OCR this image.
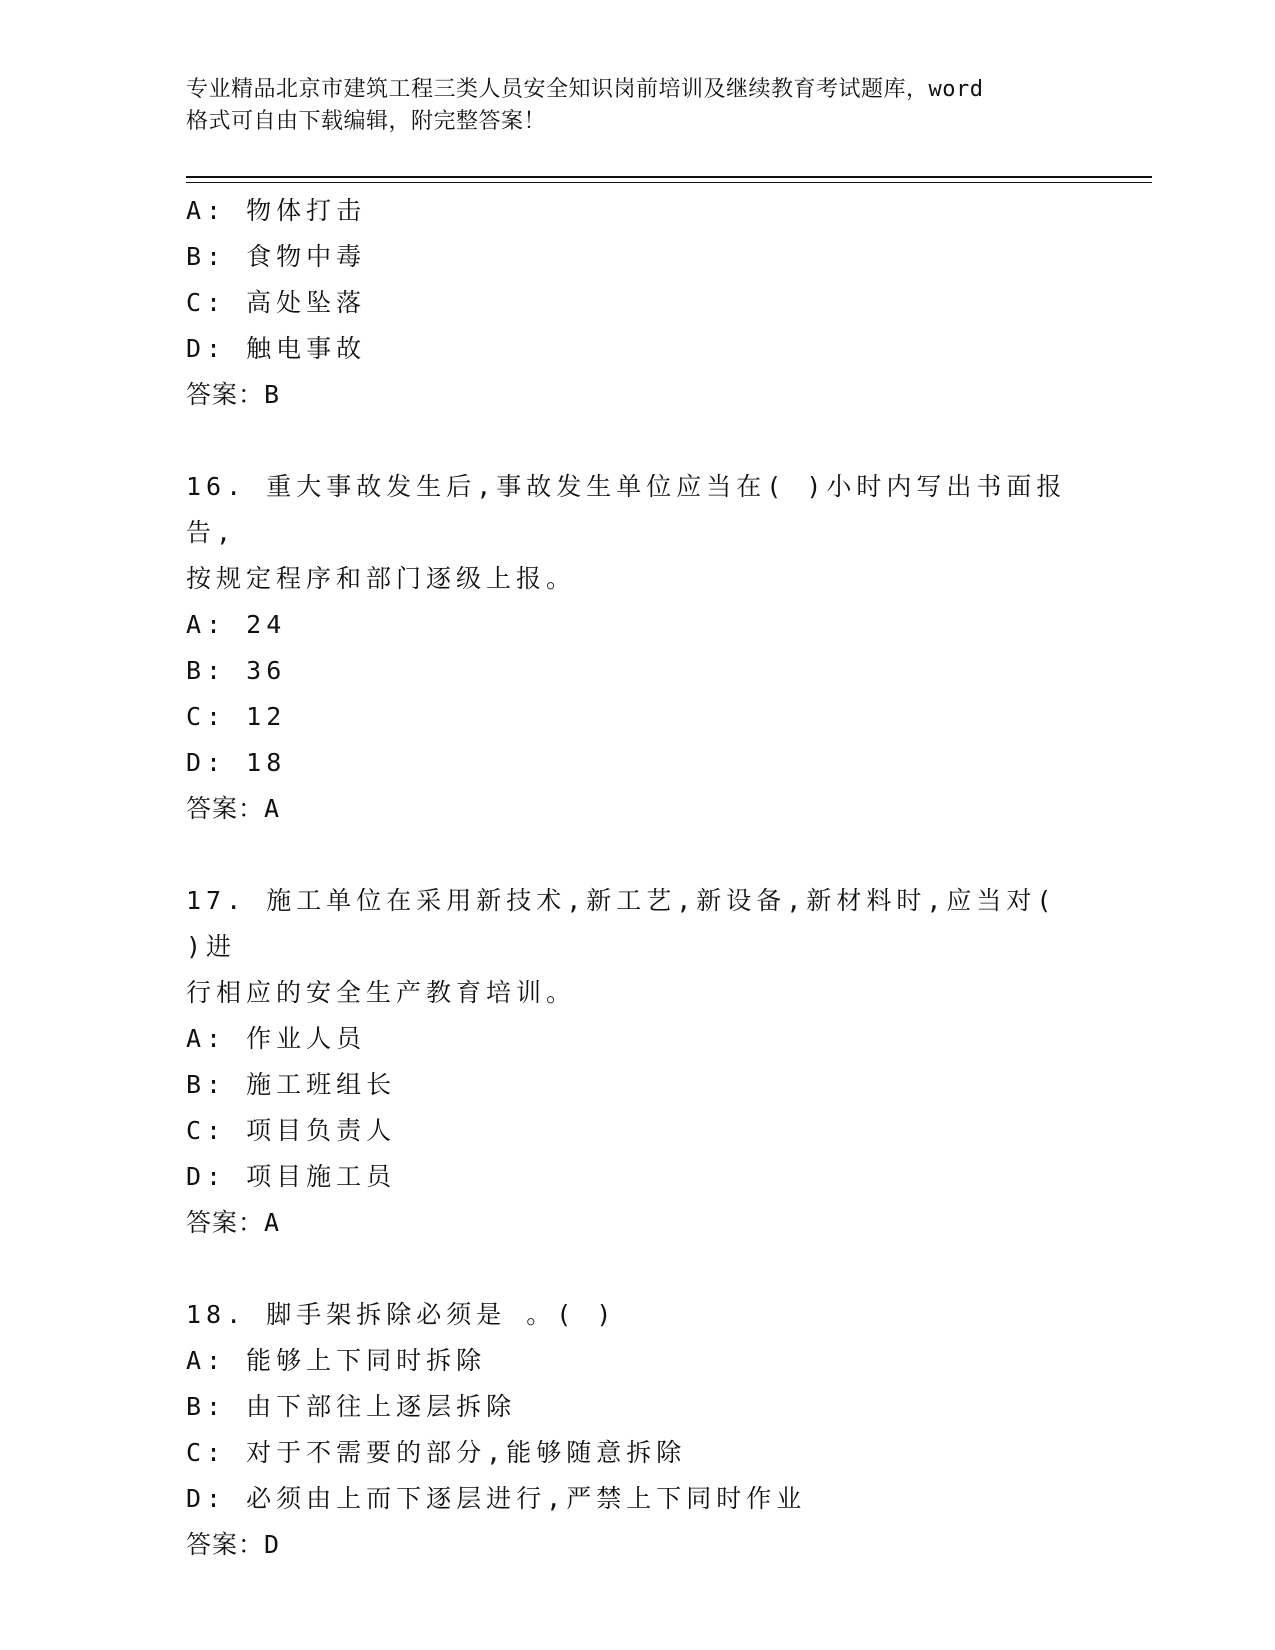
专业精品北京市建筑工程三类人员安全知识岗前培训及继续教育考试题库，word
格式可自由下载编辑，附完整答案！
A: 物体打击
B: 食物中毒
C: 高处坠落
D: 触电事故
答案：B
16. 重大事故发生后,事故发生单位应当在( )小时内写出书面报告,
按规定程序和部门逐级上报。
A: 24
B: 36
C: 12
D: 18
答案：A
17. 施工单位在采用新技术,新工艺,新设备,新材料时,应当对( )进
行相应的安全生产教育培训。
A: 作业人员
B: 施工班组长
C: 项目负责人
D: 项目施工员
答案：A
18. 脚手架拆除必须是 。( )
A: 能够上下同时拆除
B: 由下部往上逐层拆除
C: 对于不需要的部分,能够随意拆除
D: 必须由上而下逐层进行,严禁上下同时作业
答案：D
